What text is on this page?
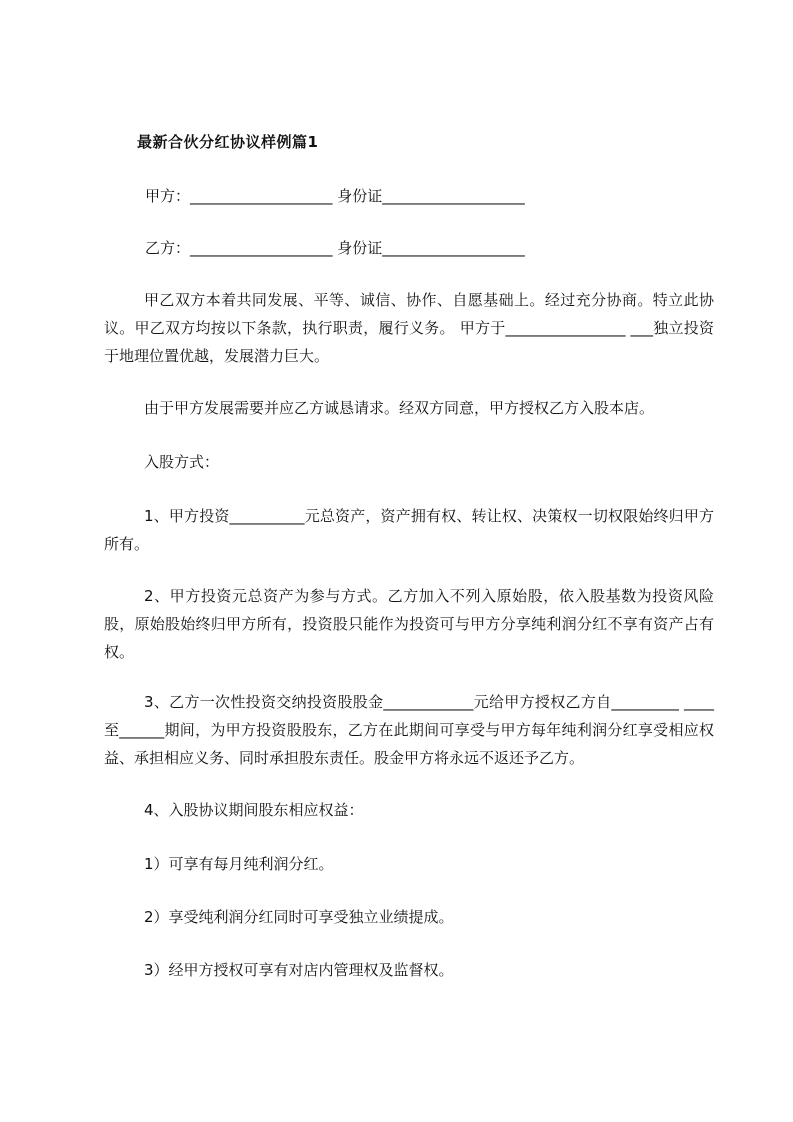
最新合伙分红协议样例篇1
甲方：___________________ 身份证___________________
乙方：___________________ 身份证___________________
甲乙双方本着共同发展、平等、诚信、协作、自愿基础上。经过充分协商。特立此协议。甲乙双方均按以下条款，执行职责，履行义务。 甲方于________________ ___独立投资于地理位置优越，发展潜力巨大。
由于甲方发展需要并应乙方诚恳请求。经双方同意，甲方授权乙方入股本店。
入股方式：
1、甲方投资__________元总资产，资产拥有权、转让权、决策权一切权限始终归甲方所有。
2、甲方投资元总资产为参与方式。乙方加入不列入原始股，依入股基数为投资风险股，原始股始终归甲方所有，投资股只能作为投资可与甲方分享纯利润分红不享有资产占有权。
3、乙方一次性投资交纳投资股股金____________元给甲方授权乙方自_________ ____至______期间，为甲方投资股股东，乙方在此期间可享受与甲方每年纯利润分红享受相应权益、承担相应义务、同时承担股东责任。股金甲方将永远不返还予乙方。
4、入股协议期间股东相应权益：
1）可享有每月纯利润分红。
2）享受纯利润分红同时可享受独立业绩提成。
3）经甲方授权可享有对店内管理权及监督权。
